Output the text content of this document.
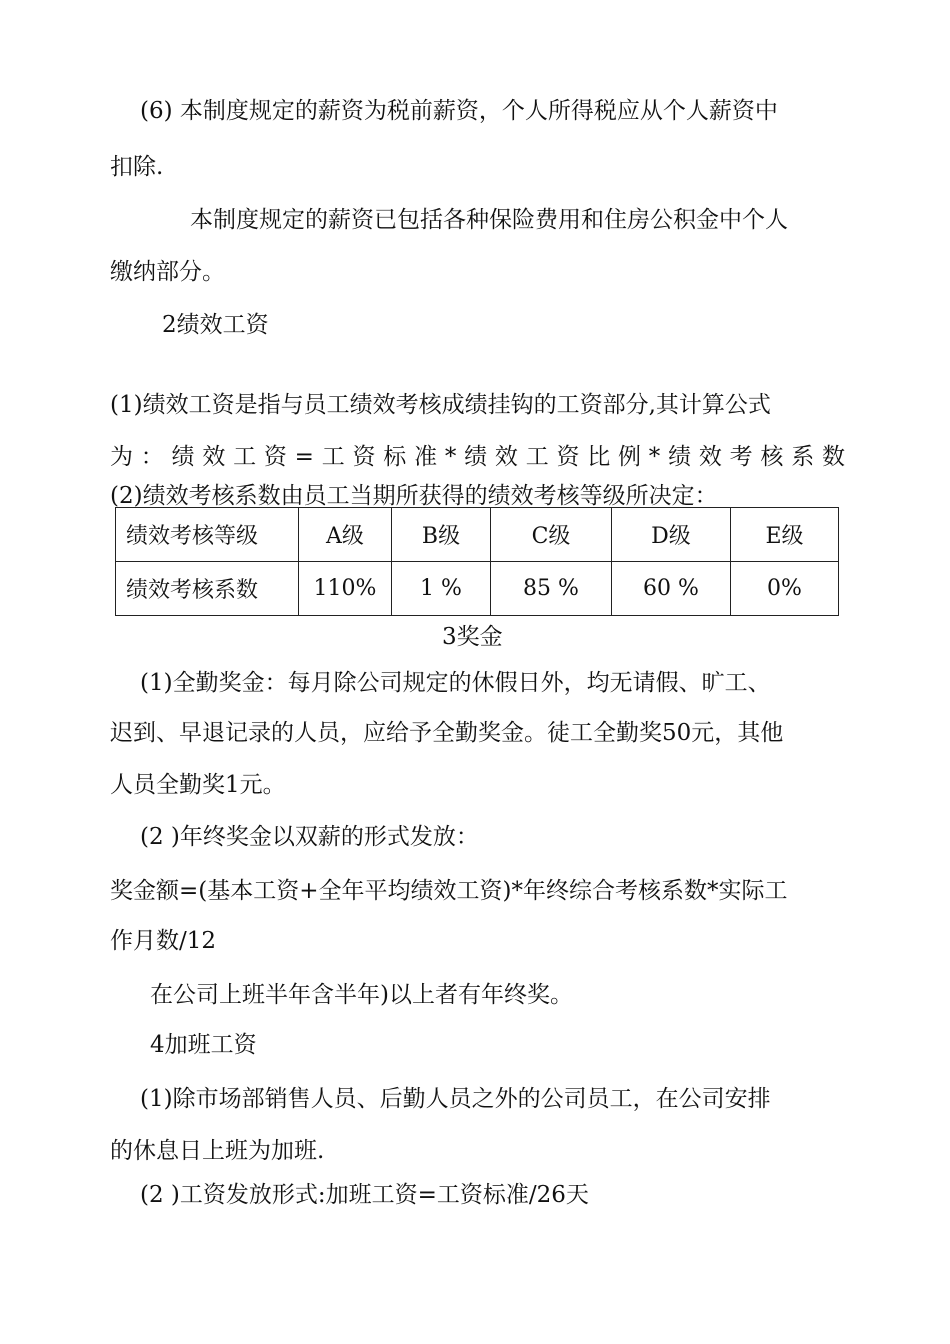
(6) 本制度规定的薪资为税前薪资，个人所得税应从个人薪资中
扣除.
本制度规定的薪资已包括各种保险费用和住房公积金中个人
缴纳部分。
2绩效工资
(1)绩效工资是指与员工绩效考核成绩挂钩的工资部分,其计算公式
为：绩效工资=工资标准*绩效工资比例*绩效考核系数
(2)绩效考核系数由员工当期所获得的绩效考核等级所决定：
绩效考核等级	A级	B级	C级	D级	E级
绩效考核系数	110%	1 %	85 %	60 %	0%
3奖金
(1)全勤奖金：每月除公司规定的休假日外，均无请假、旷工、
迟到、早退记录的人员，应给予全勤奖金。徒工全勤奖50元，其他
人员全勤奖1元。
(2 )年终奖金以双薪的形式发放：
奖金额=(基本工资+全年平均绩效工资)*年终综合考核系数*实际工
作月数/12
在公司上班半年含半年)以上者有年终奖。
4加班工资
(1)除市场部销售人员、后勤人员之外的公司员工，在公司安排
的休息日上班为加班.
(2 )工资发放形式:加班工资=工资标准/26天
